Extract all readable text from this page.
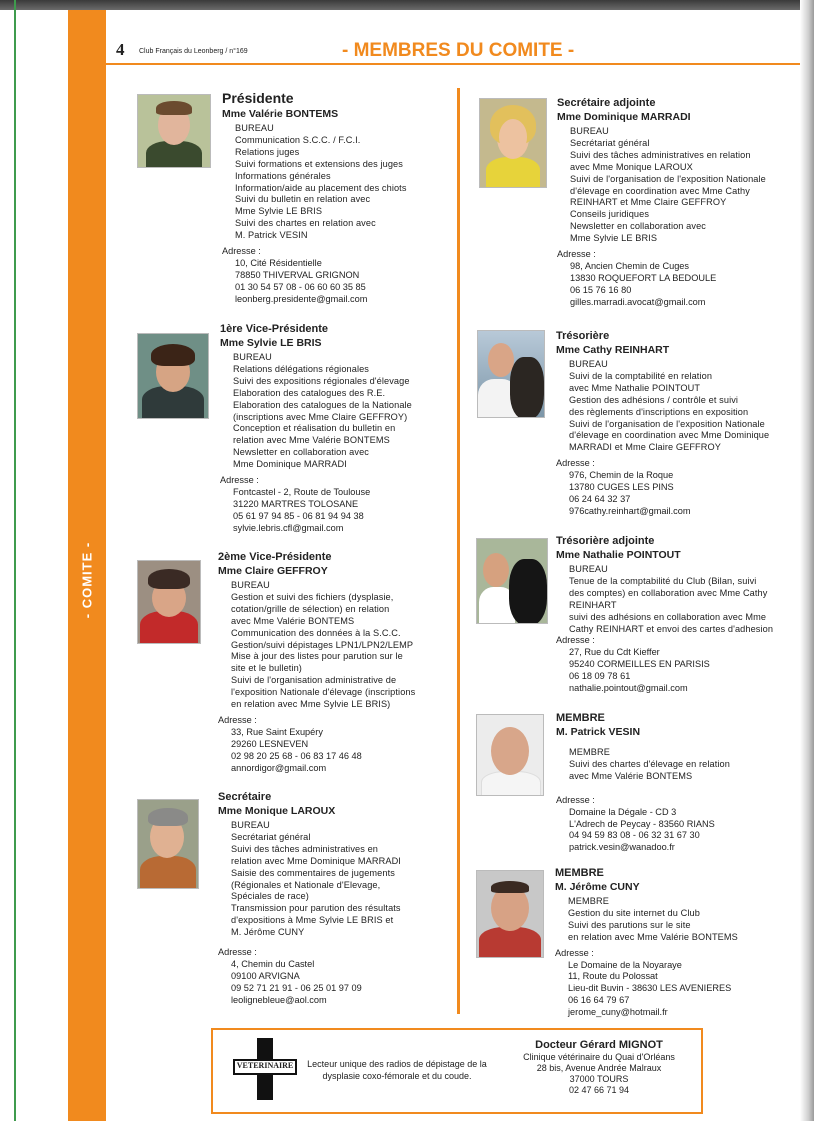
- COMITE -
4 Club Français du Leonberg / n°169	- MEMBRES DU COMITE -
Présidente
Mme Valérie BONTEMS
BUREAU
Communication S.C.C. / F.C.I.
Relations juges
Suivi formations et extensions des juges
Informations générales
Information/aide au placement des chiots
Suivi du bulletin en relation avec
Mme Sylvie LE BRIS
Suivi des chartes en relation avec
M. Patrick VESIN
Adresse :
10, Cité Résidentielle
78850 THIVERVAL GRIGNON
01 30 54 57 08 - 06 60 60 35 85
leonberg.presidente@gmail.com
1ère Vice-Présidente
Mme Sylvie LE BRIS
BUREAU
Relations délégations régionales
Suivi des expositions régionales d'élevage
Elaboration des catalogues des R.E.
Elaboration des catalogues de la Nationale
(inscriptions avec Mme Claire GEFFROY)
Conception et réalisation du bulletin en
relation avec Mme Valérie BONTEMS
Newsletter en collaboration avec
Mme Dominique MARRADI
Adresse :
Fontcastel - 2, Route de Toulouse
31220 MARTRES TOLOSANE
05 61 97 94 85 - 06 81 94 94 38
sylvie.lebris.cfl@gmail.com
2ème Vice-Présidente
Mme Claire GEFFROY
BUREAU
Gestion et suivi des fichiers (dysplasie,
cotation/grille de sélection) en relation
avec Mme Valérie BONTEMS
Communication des données à la S.C.C.
Gestion/suivi dépistages LPN1/LPN2/LEMP
Mise à jour des listes pour parution sur le
site et le bulletin)
Suivi de l'organisation administrative de
l'exposition Nationale d'élevage (inscriptions
en relation avec Mme Sylvie LE BRIS)
Adresse :
33, Rue Saint Exupéry
29260 LESNEVEN
02 98 20 25 68 - 06 83 17 46 48
annordigor@gmail.com
Secrétaire
Mme Monique LAROUX
BUREAU
Secrétariat général
Suivi des tâches administratives en
relation avec Mme Dominique MARRADI
Saisie des commentaires de jugements
(Régionales et Nationale d'Elevage,
Spéciales de race)
Transmission pour parution des résultats
d'expositions à Mme Sylvie LE BRIS et
M. Jérôme CUNY
Adresse :
4, Chemin du Castel
09100 ARVIGNA
09 52 71 21 91 - 06 25 01 97 09
leolignebleue@aol.com
Secrétaire adjointe
Mme Dominique MARRADI
BUREAU
Secrétariat général
Suivi des tâches administratives en relation
avec Mme Monique LAROUX
Suivi de l'organisation de l'exposition Nationale
d'élevage en coordination avec Mme Cathy
REINHART et Mme Claire GEFFROY
Conseils juridiques
Newsletter en collaboration avec
Mme Sylvie LE BRIS
Adresse :
98, Ancien Chemin de Cuges
13830 ROQUEFORT LA BEDOULE
06 15 76 16 80
gilles.marradi.avocat@gmail.com
Trésorière
Mme Cathy REINHART
BUREAU
Suivi de la comptabilité en relation
avec Mme Nathalie POINTOUT
Gestion des adhésions / contrôle et suivi
des règlements d'inscriptions en exposition
Suivi de l'organisation de l'exposition Nationale
d'élevage en coordination avec Mme Dominique
MARRADI et Mme Claire GEFFROY
Adresse :
976, Chemin de la Roque
13780 CUGES LES PINS
06 24 64 32 37
976cathy.reinhart@gmail.com
Trésorière adjointe
Mme Nathalie POINTOUT
BUREAU
Tenue de la comptabilité du Club (Bilan, suivi
des comptes) en collaboration avec Mme Cathy
REINHART
suivi des adhésions en collaboration avec Mme
Cathy REINHART et envoi des cartes d'adhesion
Adresse :
27, Rue du Cdt Kieffer
95240 CORMEILLES EN PARISIS
06 18 09 78 61
nathalie.pointout@gmail.com
MEMBRE
M. Patrick VESIN
MEMBRE
Suivi des chartes d'élevage en relation
avec Mme Valérie BONTEMS
Adresse :
Domaine la Dégale - CD 3
L'Adrech de Peycay - 83560 RIANS
04 94 59 83 08 - 06 32 31 67 30
patrick.vesin@wanadoo.fr
MEMBRE
M. Jérôme CUNY
MEMBRE
Gestion du site internet du Club
Suivi des parutions sur le site
en relation avec Mme Valérie BONTEMS
Adresse :
Le Domaine de la Noyaraye
11, Route du Polossat
Lieu-dit Buvin - 38630 LES AVENIERES
06 16 64 79 67
jerome_cuny@hotmail.fr
VETERINAIRE	Lecteur unique des radios de dépistage de la dysplasie coxo-fémorale et du coude.
Docteur Gérard MIGNOT
Clinique vétérinaire du Quai d'Orléans
28 bis, Avenue Andrée Malraux
37000 TOURS
02 47 66 71 94
